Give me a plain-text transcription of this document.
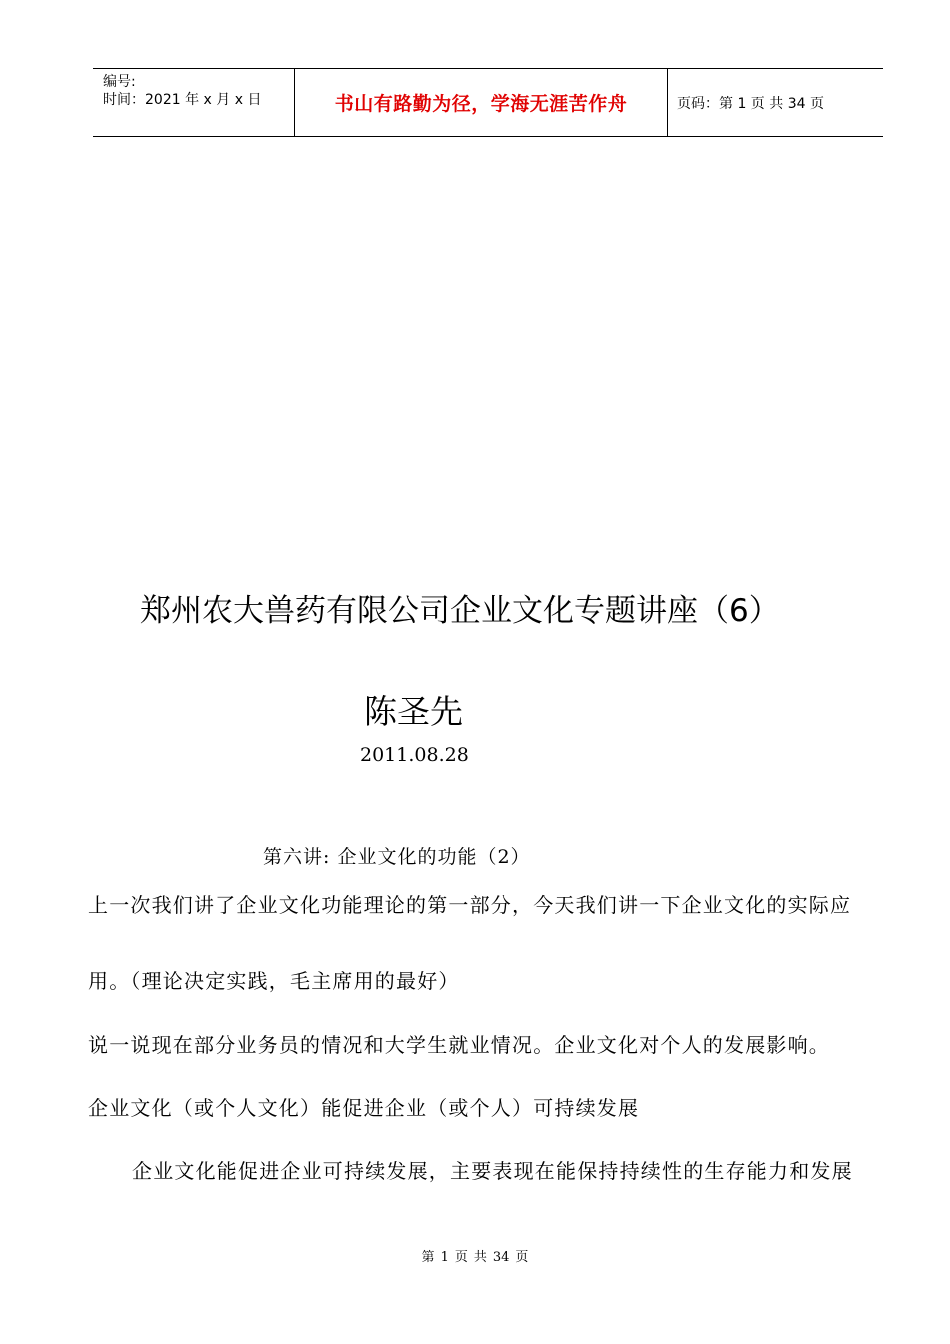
编号:
时间：2021 年 x 月 x 日	书山有路勤为径，学海无涯苦作舟	页码：第 1 页 共 34 页
郑州农大兽药有限公司企业文化专题讲座（6）
陈圣先
2011.08.28
第六讲: 企业文化的功能（2）
上一次我们讲了企业文化功能理论的第一部分，今天我们讲一下企业文化的实际应
用。（理论决定实践，毛主席用的最好）
说一说现在部分业务员的情况和大学生就业情况。企业文化对个人的发展影响。
企业文化（或个人文化）能促进企业（或个人）可持续发展
企业文化能促进企业可持续发展，主要表现在能保持持续性的生存能力和发展
第 1 页 共 34 页
